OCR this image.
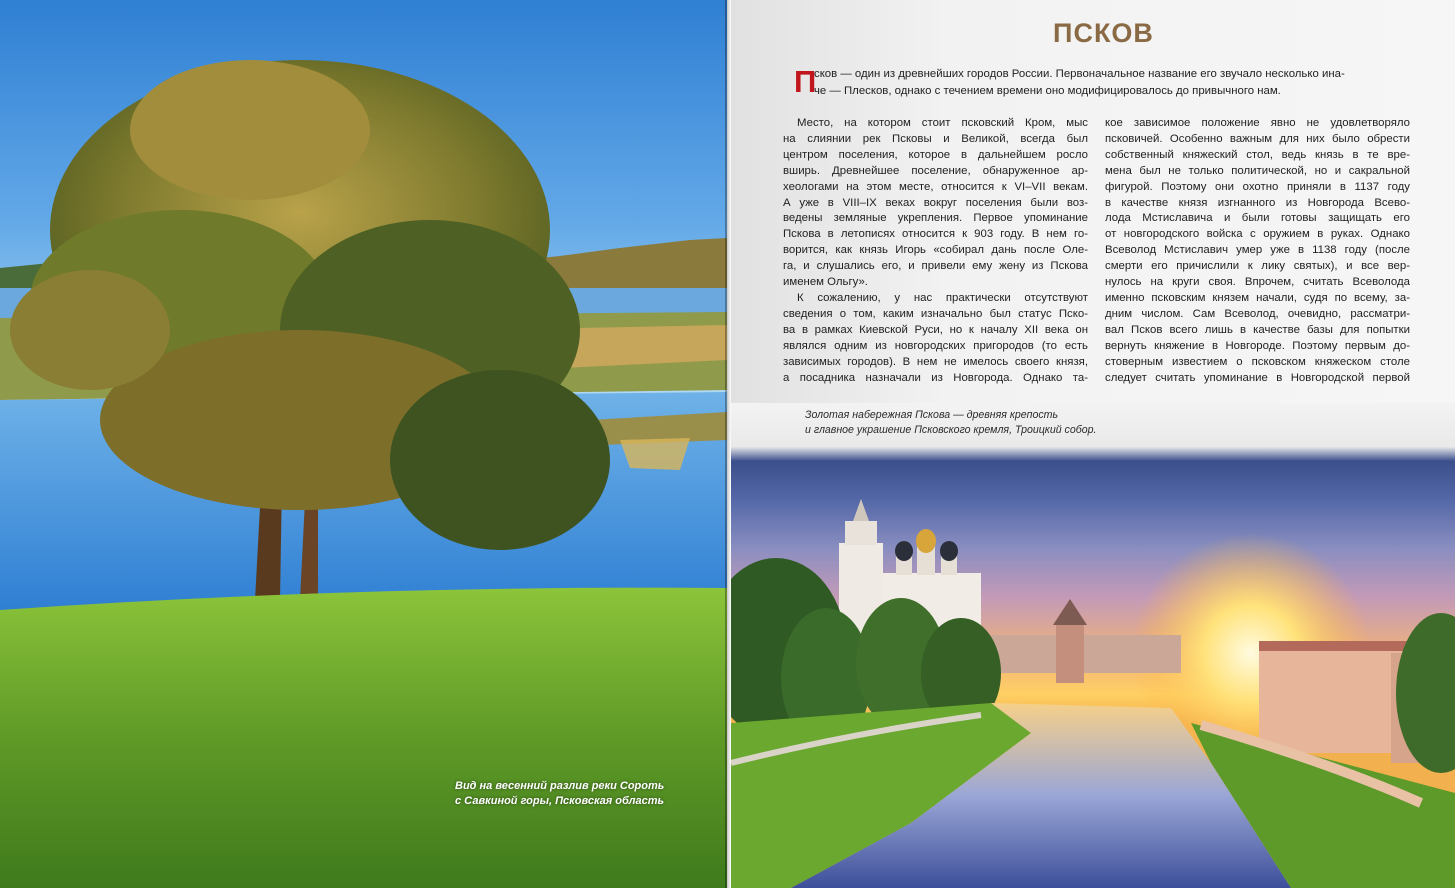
Вид на весенний разлив реки Сороть
с Савкиной горы, Псковская область
ПСКОВ
П
сков — один из древнейших городов России. Первоначальное название его звучало несколько ина-
че — Плесков, однако с течением времени оно модифицировалось до привычного нам.
Место, на котором стоит псковский Кром, мыс
на слиянии рек Псковы и Великой, всегда был
центром поселения, которое в дальнейшем росло
вширь. Древнейшее поселение, обнаруженное ар-
хеологами на этом месте, относится к VI–VII векам.
А уже в VIII–IX веках вокруг поселения были воз-
ведены земляные укрепления. Первое упоминание
Пскова в летописях относится к 903 году. В нем го-
ворится, как князь Игорь «собирал дань после Оле-
га, и слушались его, и привели ему жену из Пскова
именем Ольгу».
К сожалению, у нас практически отсутствуют
сведения о том, каким изначально был статус Пско-
ва в рамках Киевской Руси, но к началу XII века он
являлся одним из новгородских пригородов (то есть
зависимых городов). В нем не имелось своего князя,
а посадника назначали из Новгорода. Однако та-
кое зависимое положение явно не удовлетворяло
псковичей. Особенно важным для них было обрести
собственный княжеский стол, ведь князь в те вре-
мена был не только политической, но и сакральной
фигурой. Поэтому они охотно приняли в 1137 году
в качестве князя изгнанного из Новгорода Всево-
лода Мстиславича и были готовы защищать его
от новгородского войска с оружием в руках. Однако
Всеволод Мстиславич умер уже в 1138 году (после
смерти его причислили к лику святых), и все вер-
нулось на круги своя. Впрочем, считать Всеволода
именно псковским князем начали, судя по всему, за-
дним числом. Сам Всеволод, очевидно, рассматри-
вал Псков всего лишь в качестве базы для попытки
вернуть княжение в Новгороде. Поэтому первым до-
стоверным известием о псковском княжеском столе
следует считать упоминание в Новгородской первой
Золотая набережная Пскова — древняя крепость
и главное украшение Псковского кремля, Троицкий собор.
